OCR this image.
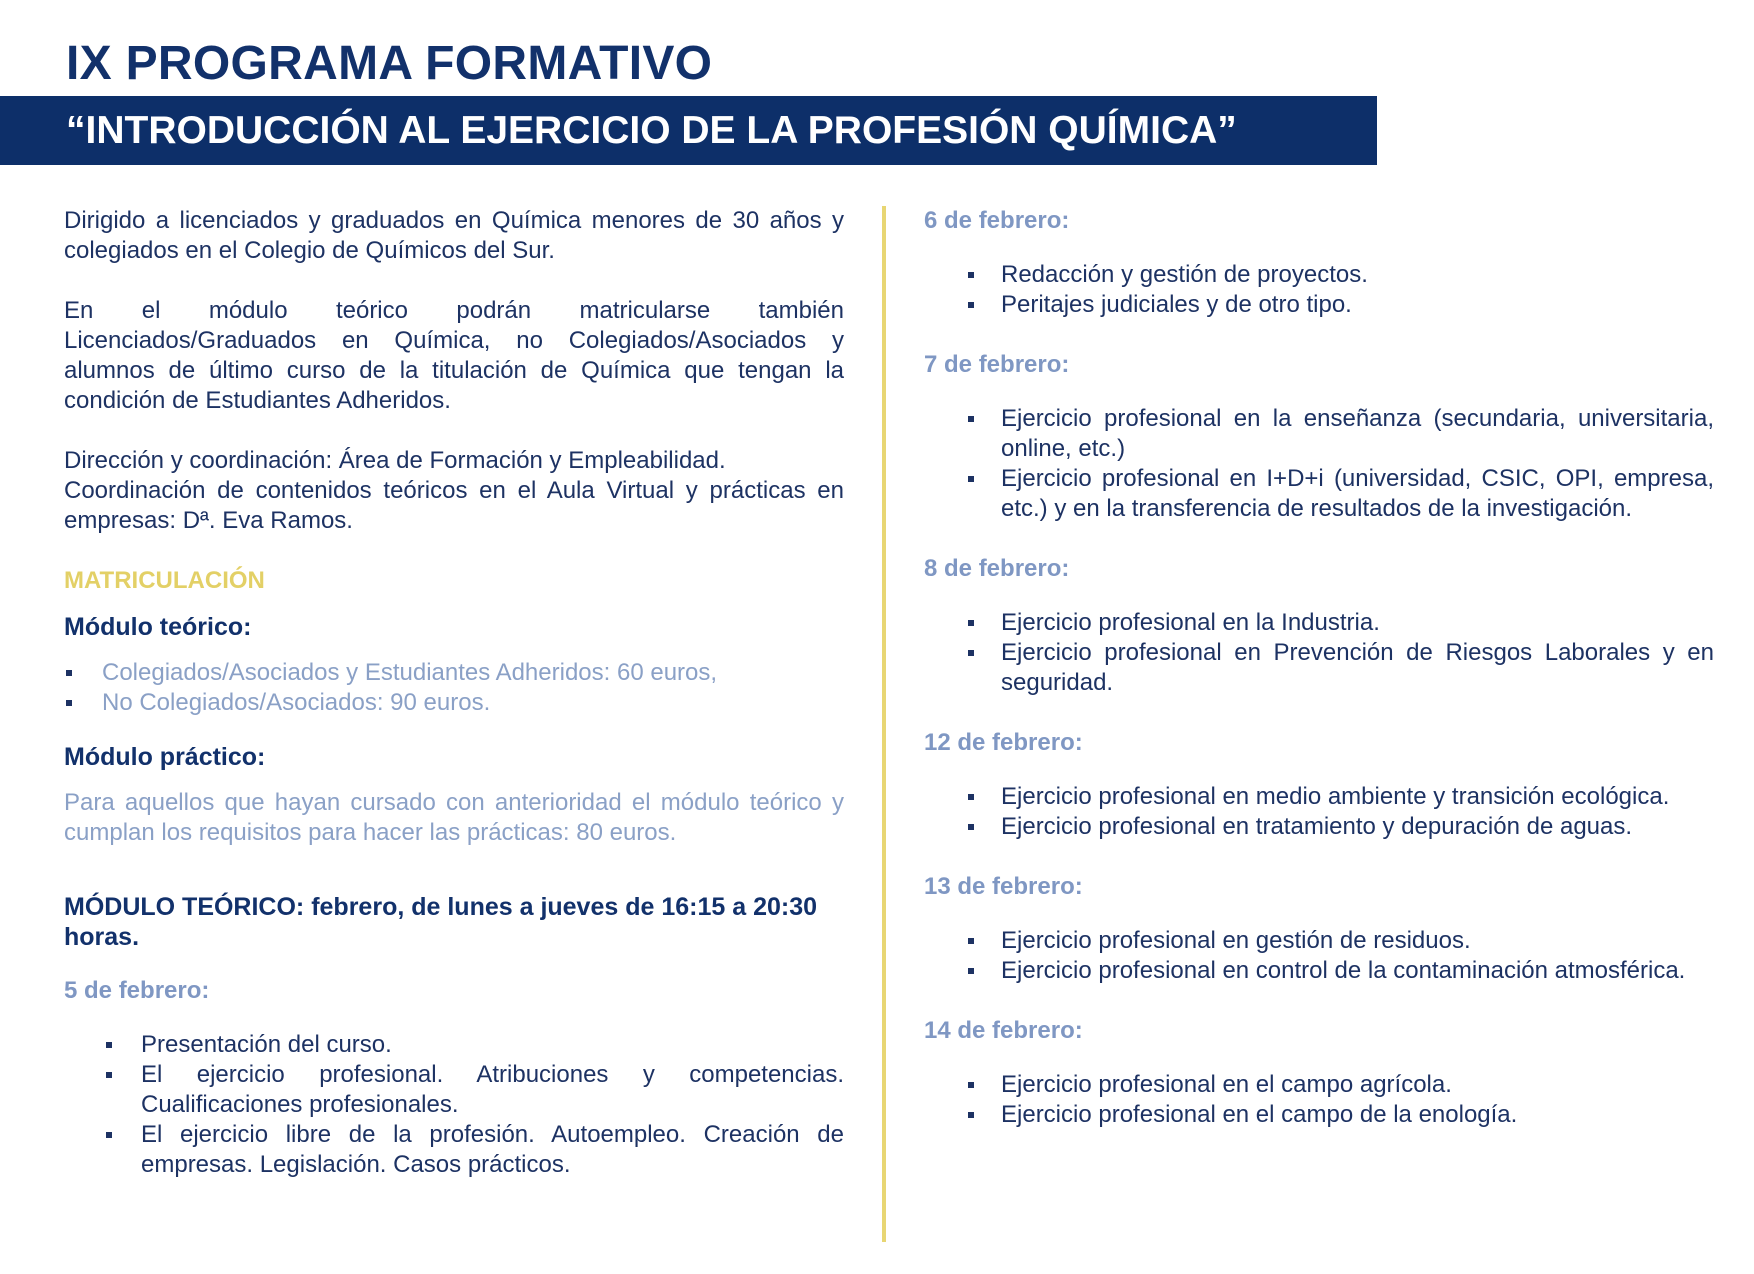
IX PROGRAMA FORMATIVO
“INTRODUCCIÓN AL EJERCICIO DE LA PROFESIÓN QUÍMICA”

Dirigido a licenciados y graduados en Química menores de 30 años y colegiados en el Colegio de Químicos del Sur.

En el módulo teórico podrán matricularse también Licenciados/Graduados en Química, no Colegiados/Asociados y alumnos de último curso de la titulación de Química que tengan la condición de Estudiantes Adheridos.

Dirección y coordinación: Área de Formación y Empleabilidad.

Coordinación de contenidos teóricos en el Aula Virtual y prácticas en empresas: Dª. Eva Ramos.

MATRICULACIÓN

Módulo teórico:

Colegiados/Asociados y Estudiantes Adheridos: 60 euros,
No Colegiados/Asociados: 90 euros.

Módulo práctico:

Para aquellos que hayan cursado con anterioridad el módulo teórico y cumplan los requisitos para hacer las prácticas: 80 euros.

MÓDULO TEÓRICO: febrero, de lunes a jueves de 16:15 a 20:30 horas.

5 de febrero:

Presentación del curso.
El ejercicio profesional. Atribuciones y competencias. Cualificaciones profesionales.
El ejercicio libre de la profesión. Autoempleo. Creación de empresas. Legislación. Casos prácticos.

6 de febrero:

Redacción y gestión de proyectos.
Peritajes judiciales y de otro tipo.

7 de febrero:

Ejercicio profesional en la enseñanza (secundaria, universitaria, online, etc.)
Ejercicio profesional en I+D+i (universidad, CSIC, OPI, empresa, etc.) y en la transferencia de resultados de la investigación.

8 de febrero:

Ejercicio profesional en la Industria.
Ejercicio profesional en Prevención de Riesgos Laborales y en seguridad.

12 de febrero:

Ejercicio profesional en medio ambiente y transición ecológica.
Ejercicio profesional en tratamiento y depuración de aguas.

13 de febrero:

Ejercicio profesional en gestión de residuos.
Ejercicio profesional en control de la contaminación atmosférica.

14 de febrero:

Ejercicio profesional en el campo agrícola.
Ejercicio profesional en el campo de la enología.
